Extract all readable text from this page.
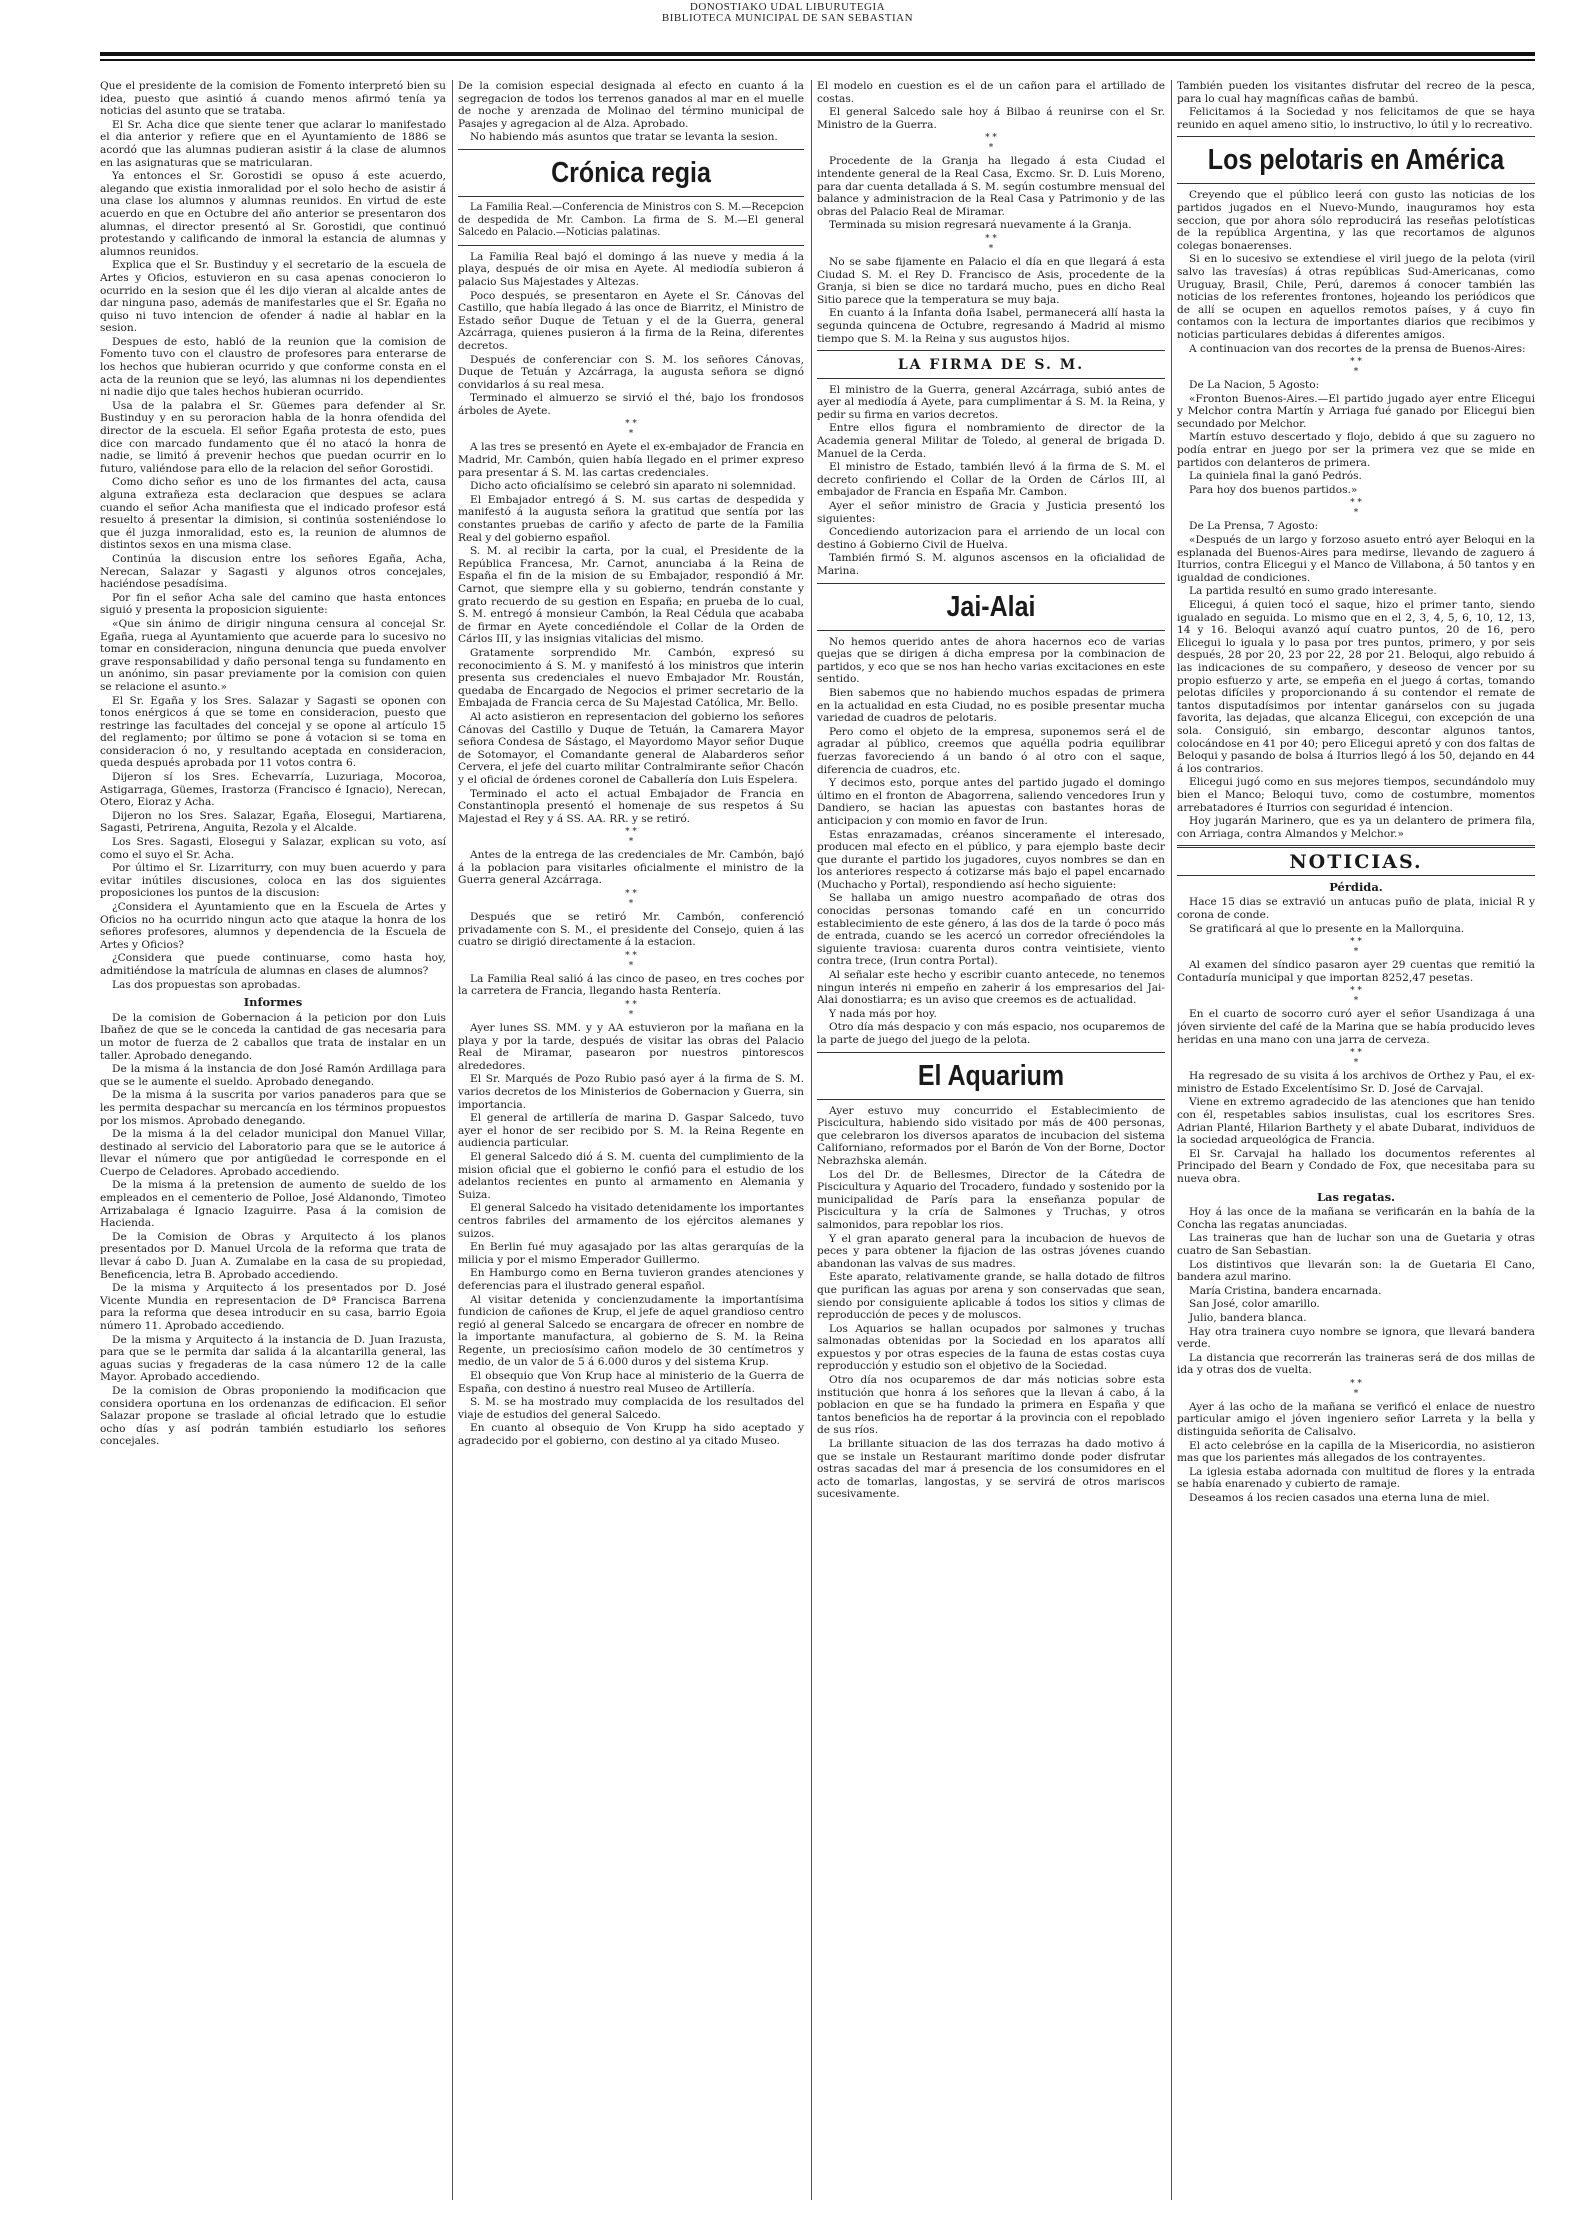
DONOSTIAKO UDAL LIBURUTEGIA
BIBLIOTECA MUNICIPAL DE SAN SEBASTIAN

Que el presidente de la comision de Fomento interpretó bien su idea, puesto que asintió á cuando menos afirmó tenía ya noticias del asunto que se trataba.

El Sr. Acha dice que siente tener que aclarar lo manifestado el dia anterior y refiere que en el Ayuntamiento de 1886 se acordó que las alumnas pudieran asistir á la clase de alumnos en las asignaturas que se matricularan.

Ya entonces el Sr. Gorostidi se opuso á este acuerdo, alegando que existia inmoralidad por el solo hecho de asistir á una clase los alumnos y alumnas reunidos. En virtud de este acuerdo en que en Octubre del año anterior se presentaron dos alumnas, el director presentó al Sr. Gorostidi, que continuó protestando y calificando de inmoral la estancia de alumnas y alumnos reunidos.

Explica que el Sr. Bustinduy y el secretario de la escuela de Artes y Oficios, estuvieron en su casa apenas conocieron lo ocurrido en la sesion que él les dijo vieran al alcalde antes de dar ninguna paso, además de manifestarles que el Sr. Egaña no quiso ni tuvo intencion de ofender á nadie al hablar en la sesion.

Despues de esto, habló de la reunion que la comision de Fomento tuvo con el claustro de profesores para enterarse de los hechos que hubieran ocurrido y que conforme consta en el acta de la reunion que se leyó, las alumnas ni los dependientes ni nadie dijo que tales hechos hubieran ocurrido.

Usa de la palabra el Sr. Güemes para defender al Sr. Bustinduy y en su peroracion habla de la honra ofendida del director de la escuela. El señor Egaña protesta de esto, pues dice con marcado fundamento que él no atacó la honra de nadie, se limitó á prevenir hechos que puedan ocurrir en lo futuro, valiéndose para ello de la relacion del señor Gorostidi.

Como dicho señor es uno de los firmantes del acta, causa alguna extrañeza esta declaracion que despues se aclara cuando el señor Acha manifiesta que el indicado profesor está resuelto á presentar la dimision, si continúa sosteniéndose lo que él juzga inmoralidad, esto es, la reunion de alumnos de distintos sexos en una misma clase.

Continúa la discusion entre los señores Egaña, Acha, Nerecan, Salazar y Sagasti y algunos otros concejales, haciéndose pesadísima.

Por fin el señor Acha sale del camino que hasta entonces siguió y presenta la proposicion siguiente:

«Que sin ánimo de dirigir ninguna censura al concejal Sr. Egaña, ruega al Ayuntamiento que acuerde para lo sucesivo no tomar en consideracion, ninguna denuncia que pueda envolver grave responsabilidad y daño personal tenga su fundamento en un anónimo, sin pasar previamente por la comision con quien se relacione el asunto.»

El Sr. Egaña y los Sres. Salazar y Sagasti se oponen con tonos enérgicos á que se tome en consideracion, puesto que restringe las facultades del concejal y se opone al artículo 15 del reglamento; por último se pone á votacion si se toma en consideracion ó no, y resultando aceptada en consideracion, queda después aprobada por 11 votos contra 6.

Dijeron sí los Sres. Echevarría, Luzuriaga, Mocoroa, Astigarraga, Güemes, Irastorza (Francisco é Ignacio), Nerecan, Otero, Eioraz y Acha.

Dijeron no los Sres. Salazar, Egaña, Elosegui, Martiarena, Sagasti, Petrirena, Anguita, Rezola y el Alcalde.

Los Sres. Sagasti, Elosegui y Salazar, explican su voto, así como el suyo el Sr. Acha.

Por último el Sr. Lizarriturry, con muy buen acuerdo y para evitar inútiles discusiones, coloca en las dos siguientes proposiciones los puntos de la discusion:

¿Considera el Ayuntamiento que en la Escuela de Artes y Oficios no ha ocurrido ningun acto que ataque la honra de los señores profesores, alumnos y dependencia de la Escuela de Artes y Oficios?

¿Considera que puede continuarse, como hasta hoy, admitiéndose la matrícula de alumnas en clases de alumnos?

Las dos propuestas son aprobadas.

Informes

De la comision de Gobernacion á la peticion por don Luis Ibañez de que se le conceda la cantidad de gas necesaria para un motor de fuerza de 2 caballos que trata de instalar en un taller. Aprobado denegando.

De la misma á la instancia de don José Ramón Ardillaga para que se le aumente el sueldo. Aprobado denegando.

De la misma á la suscrita por varios panaderos para que se les permita despachar su mercancía en los términos propuestos por los mismos. Aprobado denegando.

De la misma á la del celador municipal don Manuel Villar, destinado al servicio del Laboratorio para que se le autorice á llevar el número que por antigüedad le corresponde en el Cuerpo de Celadores. Aprobado accediendo.

De la misma á la pretension de aumento de sueldo de los empleados en el cementerio de Polloe, José Aldanondo, Timoteo Arrizabalaga é Ignacio Izaguirre. Pasa á la comision de Hacienda.

De la Comision de Obras y Arquitecto á los planos presentados por D. Manuel Urcola de la reforma que trata de llevar á cabo D. Juan A. Zumalabe en la casa de su propiedad, Beneficencia, letra B. Aprobado accediendo.

De la misma y Arquitecto á los presentados por D. José Vicente Mundia en representacion de Dª Francisca Barrena para la reforma que desea introducir en su casa, barrio Egoia número 11. Aprobado accediendo.

De la misma y Arquitecto á la instancia de D. Juan Irazusta, para que se le permita dar salida á la alcantarilla general, las aguas sucias y fregaderas de la casa número 12 de la calle Mayor. Aprobado accediendo.

De la comision de Obras proponiendo la modificacion que considera oportuna en los ordenanzas de edificacion. El señor Salazar propone se traslade al oficial letrado que lo estudie ocho días y así podrán también estudiarlo los señores concejales.

De la comision especial designada al efecto en cuanto á la segregacion de todos los terrenos ganados al mar en el muelle de noche y arenzada de Molinao del término municipal de Pasajes y agregacion al de Alza. Aprobado.

No habiendo más asuntos que tratar se levanta la sesion.

Crónica regia

La Familia Real.—Conferencia de Ministros con S. M.—Recepcion de despedida de Mr. Cambon. La firma de S. M.—El general Salcedo en Palacio.—Noticias palatinas.

La Familia Real bajó el domingo á las nueve y media á la playa, después de oir misa en Ayete. Al mediodía subieron á palacio Sus Majestades y Altezas.

Poco después, se presentaron en Ayete el Sr. Cánovas del Castillo, que había llegado á las once de Biarritz, el Ministro de Estado señor Duque de Tetuan y el de la Guerra, general Azcárraga, quienes pusieron á la firma de la Reina, diferentes decretos.

Después de conferenciar con S. M. los señores Cánovas, Duque de Tetuán y Azcárraga, la augusta señora se dignó convidarlos á su real mesa.

Terminado el almuerzo se sirvió el thé, bajo los frondosos árboles de Ayete.

* *
*

A las tres se presentó en Ayete el ex-embajador de Francia en Madrid, Mr. Cambón, quien había llegado en el primer expreso para presentar á S. M. las cartas credenciales.

Dicho acto oficialísimo se celebró sin aparato ni solemnidad.

El Embajador entregó á S. M. sus cartas de despedida y manifestó á la augusta señora la gratitud que sentía por las constantes pruebas de cariño y afecto de parte de la Familia Real y del gobierno español.

S. M. al recibir la carta, por la cual, el Presidente de la República Francesa, Mr. Carnot, anunciaba á la Reina de España el fin de la mision de su Embajador, respondió á Mr. Carnot, que siempre ella y su gobierno, tendrán constante y grato recuerdo de su gestion en España; en prueba de lo cual, S. M. entregó á monsieur Cambón, la Real Cédula que acababa de firmar en Ayete concediéndole el Collar de la Orden de Cárlos III, y las insignias vitalicias del mismo.

Gratamente sorprendido Mr. Cambón, expresó su reconocimiento á S. M. y manifestó á los ministros que interin presenta sus credenciales el nuevo Embajador Mr. Roustán, quedaba de Encargado de Negocios el primer secretario de la Embajada de Francia cerca de Su Majestad Católica, Mr. Bello.

Al acto asistieron en representacion del gobierno los señores Cánovas del Castillo y Duque de Tetuán, la Camarera Mayor señora Condesa de Sástago, el Mayordomo Mayor señor Duque de Sotomayor, el Comandante general de Alabarderos señor Cervera, el jefe del cuarto militar Contralmirante señor Chacón y el oficial de órdenes coronel de Caballería don Luis Espelera.

Terminado el acto el actual Embajador de Francia en Constantinopla presentó el homenaje de sus respetos á Su Majestad el Rey y á SS. AA. RR. y se retiró.

* *
*

Antes de la entrega de las credenciales de Mr. Cambón, bajó á la poblacion para visitarles oficialmente el ministro de la Guerra general Azcárraga.

* *
*

Después que se retiró Mr. Cambón, conferenció privadamente con S. M., el presidente del Consejo, quien á las cuatro se dirigió directamente á la estacion.

* *
*

La Familia Real salió á las cinco de paseo, en tres coches por la carretera de Francia, llegando hasta Rentería.

* *
*

Ayer lunes SS. MM. y y AA estuvieron por la mañana en la playa y por la tarde, después de visitar las obras del Palacio Real de Miramar, pasearon por nuestros pintorescos alrededores.

El Sr. Marqués de Pozo Rubio pasó ayer á la firma de S. M. varios decretos de los Ministerios de Gobernacion y Guerra, sin importancia.

El general de artillería de marina D. Gaspar Salcedo, tuvo ayer el honor de ser recibido por S. M. la Reina Regente en audiencia particular.

El general Salcedo dió á S. M. cuenta del cumplimiento de la mision oficial que el gobierno le confió para el estudio de los adelantos recientes en punto al armamento en Alemania y Suiza.

El general Salcedo ha visitado detenidamente los importantes centros fabriles del armamento de los ejércitos alemanes y suizos.

En Berlin fué muy agasajado por las altas gerarquías de la milicia y por el mismo Emperador Guillermo.

En Hamburgo como en Berna tuvieron grandes atenciones y deferencias para el ilustrado general español.

Al visitar detenida y concienzudamente la importantísima fundicion de cañones de Krup, el jefe de aquel grandioso centro regió al general Salcedo se encargara de ofrecer en nombre de la importante manufactura, al gobierno de S. M. la Reina Regente, un preciosísimo cañon modelo de 30 centímetros y medio, de un valor de 5 á 6.000 duros y del sistema Krup.

El obsequio que Von Krup hace al ministerio de la Guerra de España, con destino á nuestro real Museo de Artillería.

S. M. se ha mostrado muy complacida de los resultados del viaje de estudios del general Salcedo.

En cuanto al obsequio de Von Krupp ha sido aceptado y agradecido por el gobierno, con destino al ya citado Museo.

El modelo en cuestion es el de un cañon para el artillado de costas.

El general Salcedo sale hoy á Bilbao á reunirse con el Sr. Ministro de la Guerra.

* *
*

Procedente de la Granja ha llegado á esta Ciudad el intendente general de la Real Casa, Excmo. Sr. D. Luis Moreno, para dar cuenta detallada á S. M. según costumbre mensual del balance y administracion de la Real Casa y Patrimonio y de las obras del Palacio Real de Miramar.

Terminada su mision regresará nuevamente á la Granja.

* *
*

No se sabe fijamente en Palacio el día en que llegará á esta Ciudad S. M. el Rey D. Francisco de Asis, procedente de la Granja, si bien se dice no tardará mucho, pues en dicho Real Sitio parece que la temperatura se muy baja.

En cuanto á la Infanta doña Isabel, permanecerá allí hasta la segunda quincena de Octubre, regresando á Madrid al mismo tiempo que S. M. la Reina y sus augustos hijos.

LA FIRMA DE S. M.

El ministro de la Guerra, general Azcárraga, subió antes de ayer al mediodía á Ayete, para cumplimentar á S. M. la Reina, y pedir su firma en varios decretos.

Entre ellos figura el nombramiento de director de la Academia general Militar de Toledo, al general de brigada D. Manuel de la Cerda.

El ministro de Estado, también llevó á la firma de S. M. el decreto confiriendo el Collar de la Orden de Cárlos III, al embajador de Francia en España Mr. Cambon.

Ayer el señor ministro de Gracia y Justicia presentó los siguientes:

Concediendo autorizacion para el arriendo de un local con destino á Gobierno Civil de Huelva.

También firmó S. M. algunos ascensos en la oficialidad de Marina.

Jai-Alai

No hemos querido antes de ahora hacernos eco de varias quejas que se dirigen á dicha empresa por la combinacion de partidos, y eco que se nos han hecho varias excitaciones en este sentido.

Bien sabemos que no habiendo muchos espadas de primera en la actualidad en esta Ciudad, no es posible presentar mucha variedad de cuadros de pelotaris.

Pero como el objeto de la empresa, suponemos será el de agradar al público, creemos que aquélla podria equilibrar fuerzas favoreciendo á un bando ó al otro con el saque, diferencia de cuadros, etc.

Y decimos esto, porque antes del partido jugado el domingo último en el fronton de Abagorrena, saliendo vencedores Irun y Dandiero, se hacian las apuestas con bastantes horas de anticipacion y con momio en favor de Irun.

Estas enrazamadas, créanos sinceramente el interesado, producen mal efecto en el público, y para ejemplo baste decir que durante el partido los jugadores, cuyos nombres se dan en los anteriores respecto á cotizarse más bajo el papel encarnado (Muchacho y Portal), respondiendo así hecho siguiente:

Se hallaba un amigo nuestro acompañado de otras dos conocidas personas tomando café en un concurrido establecimiento de este género, á las dos de la tarde ó poco más de entrada, cuando se les acercó un corredor ofreciéndoles la siguiente traviosa: cuarenta duros contra veintisiete, viento contra trece, (Irun contra Portal).

Al señalar este hecho y escribir cuanto antecede, no tenemos ningun interés ni empeño en zaherir á los empresarios del Jai-Alai donostiarra; es un aviso que creemos es de actualidad.

Y nada más por hoy.

Otro día más despacio y con más espacio, nos ocuparemos de la parte de juego del juego de la pelota.

El Aquarium

Ayer estuvo muy concurrido el Establecimiento de Piscicultura, habiendo sido visitado por más de 400 personas, que celebraron los diversos aparatos de incubacion del sistema Californiano, reformados por el Barón de Von der Borne, Doctor Nebrazhska alemán.

Los del Dr. de Bellesmes, Director de la Cátedra de Piscicultura y Aquario del Trocadero, fundado y sostenido por la municipalidad de París para la enseñanza popular de Piscicultura y la cría de Salmones y Truchas, y otros salmonidos, para repoblar los rios.

Y el gran aparato general para la incubacion de huevos de peces y para obtener la fijacion de las ostras jóvenes cuando abandonan las valvas de sus madres.

Este aparato, relativamente grande, se halla dotado de filtros que purifican las aguas por arena y son conservadas que sean, siendo por consiguiente aplicable á todos los sitios y climas de reproducción de peces y de moluscos.

Los Aquarios se hallan ocupados por salmones y truchas salmonadas obtenidas por la Sociedad en los aparatos allí expuestos y por otras especies de la fauna de estas costas cuya reproducción y estudio son el objetivo de la Sociedad.

Otro día nos ocuparemos de dar más noticias sobre esta institución que honra á los señores que la llevan á cabo, á la poblacion en que se ha fundado la primera en España y que tantos beneficios ha de reportar á la provincia con el repoblado de sus ríos.

La brillante situacion de las dos terrazas ha dado motivo á que se instale un Restaurant marítimo donde poder disfrutar ostras sacadas del mar á presencia de los consumidores en el acto de tomarlas, langostas, y se servirá de otros mariscos sucesivamente.

También pueden los visitantes disfrutar del recreo de la pesca, para lo cual hay magníficas cañas de bambú.

Felicitamos á la Sociedad y nos felicitamos de que se haya reunido en aquel ameno sitio, lo instructivo, lo útil y lo recreativo.

Los pelotaris en América

Creyendo que el público leerá con gusto las noticias de los partidos jugados en el Nuevo-Mundo, inauguramos hoy esta seccion, que por ahora sólo reproducirá las reseñas pelotísticas de la república Argentina, y las que recortamos de algunos colegas bonaerenses.

Si en lo sucesivo se extendiese el viril juego de la pelota (viril salvo las travesías) á otras repúblicas Sud-Americanas, como Uruguay, Brasil, Chile, Perú, daremos á conocer también las noticias de los referentes frontones, hojeando los periódicos que de allí se ocupen en aquellos remotos países, y á cuyo fin contamos con la lectura de importantes diarios que recibimos y noticias particulares debidas á diferentes amigos.

A continuacion van dos recortes de la prensa de Buenos-Aires:

* *
*

De La Nacion, 5 Agosto:

«Fronton Buenos-Aires.—El partido jugado ayer entre Elicegui y Melchor contra Martín y Arriaga fué ganado por Elicegui bien secundado por Melchor.

Martín estuvo descertado y flojo, debido á que su zaguero no podía entrar en juego por ser la primera vez que se mide en partidos con delanteros de primera.

La quiniela final la ganó Pedrós.

Para hoy dos buenos partidos.»

* *
*

De La Prensa, 7 Agosto:

«Después de un largo y forzoso asueto entró ayer Beloqui en la esplanada del Buenos-Aires para medirse, llevando de zaguero á Iturrios, contra Elicegui y el Manco de Villabona, á 50 tantos y en igualdad de condiciones.

La partida resultó en sumo grado interesante.

Elicegui, á quien tocó el saque, hizo el primer tanto, siendo igualado en seguida. Lo mismo que en el 2, 3, 4, 5, 6, 10, 12, 13, 14 y 16. Beloqui avanzó aquí cuatro puntos, 20 de 16, pero Elicegui lo iguala y lo pasa por tres puntos, primero, y por seis después, 28 por 20, 23 por 22, 28 por 21. Beloqui, algo rebuido á las indicaciones de su compañero, y deseoso de vencer por su propio esfuerzo y arte, se empeña en el juego á cortas, tomando pelotas difíciles y proporcionando á su contendor el remate de tantos disputadísimos por intentar ganárselos con su jugada favorita, las dejadas, que alcanza Elicegui, con excepción de una sola. Consiguió, sin embargo, descontar algunos tantos, colocándose en 41 por 40; pero Elicegui apretó y con dos faltas de Beloqui y pasando de bolsa á Iturrios llegó á los 50, dejando en 44 á los contrarios.

Elicegui jugó como en sus mejores tiempos, secundándolo muy bien el Manco; Beloqui tuvo, como de costumbre, momentos arrebatadores é Iturrios con seguridad é intencion.

Hoy jugarán Marinero, que es ya un delantero de primera fila, con Arriaga, contra Almandos y Melchor.»

NOTICIAS.
Pérdida.

Hace 15 dias se extravió un antucas puño de plata, inicial R y corona de conde.

Se gratificará al que lo presente en la Mallorquina.

* *
*

Al examen del síndico pasaron ayer 29 cuentas que remitió la Contaduría municipal y que importan 8252,47 pesetas.

* *
*

En el cuarto de socorro curó ayer el señor Usandizaga á una jóven sirviente del café de la Marina que se había producido leves heridas en una mano con una jarra de cerveza.

* *
*

Ha regresado de su visita á los archivos de Orthez y Pau, el ex-ministro de Estado Excelentísimo Sr. D. José de Carvajal.

Viene en extremo agradecido de las atenciones que han tenido con él, respetables sabios insulistas, cual los escritores Sres. Adrian Planté, Hilarion Barthety y el abate Dubarat, individuos de la sociedad arqueológica de Francia.

El Sr. Carvajal ha hallado los documentos referentes al Principado del Bearn y Condado de Fox, que necesitaba para su nueva obra.

Las regatas.

Hoy á las once de la mañana se verificarán en la bahía de la Concha las regatas anunciadas.

Las traineras que han de luchar son una de Guetaria y otras cuatro de San Sebastian.

Los distintivos que llevarán son: la de Guetaria El Cano, bandera azul marino.

María Cristina, bandera encarnada.

San José, color amarillo.

Julio, bandera blanca.

Hay otra trainera cuyo nombre se ignora, que llevará bandera verde.

La distancia que recorrerán las traineras será de dos millas de ida y otras dos de vuelta.

* *
*

Ayer á las ocho de la mañana se verificó el enlace de nuestro particular amigo el jóven ingeniero señor Larreta y la bella y distinguida señorita de Calisalvo.

El acto celebróse en la capilla de la Misericordia, no asistieron mas que los parientes más allegados de los contrayentes.

La iglesia estaba adornada con multitud de flores y la entrada se había enarenado y cubierto de ramaje.

Deseamos á los recien casados una eterna luna de miel.
